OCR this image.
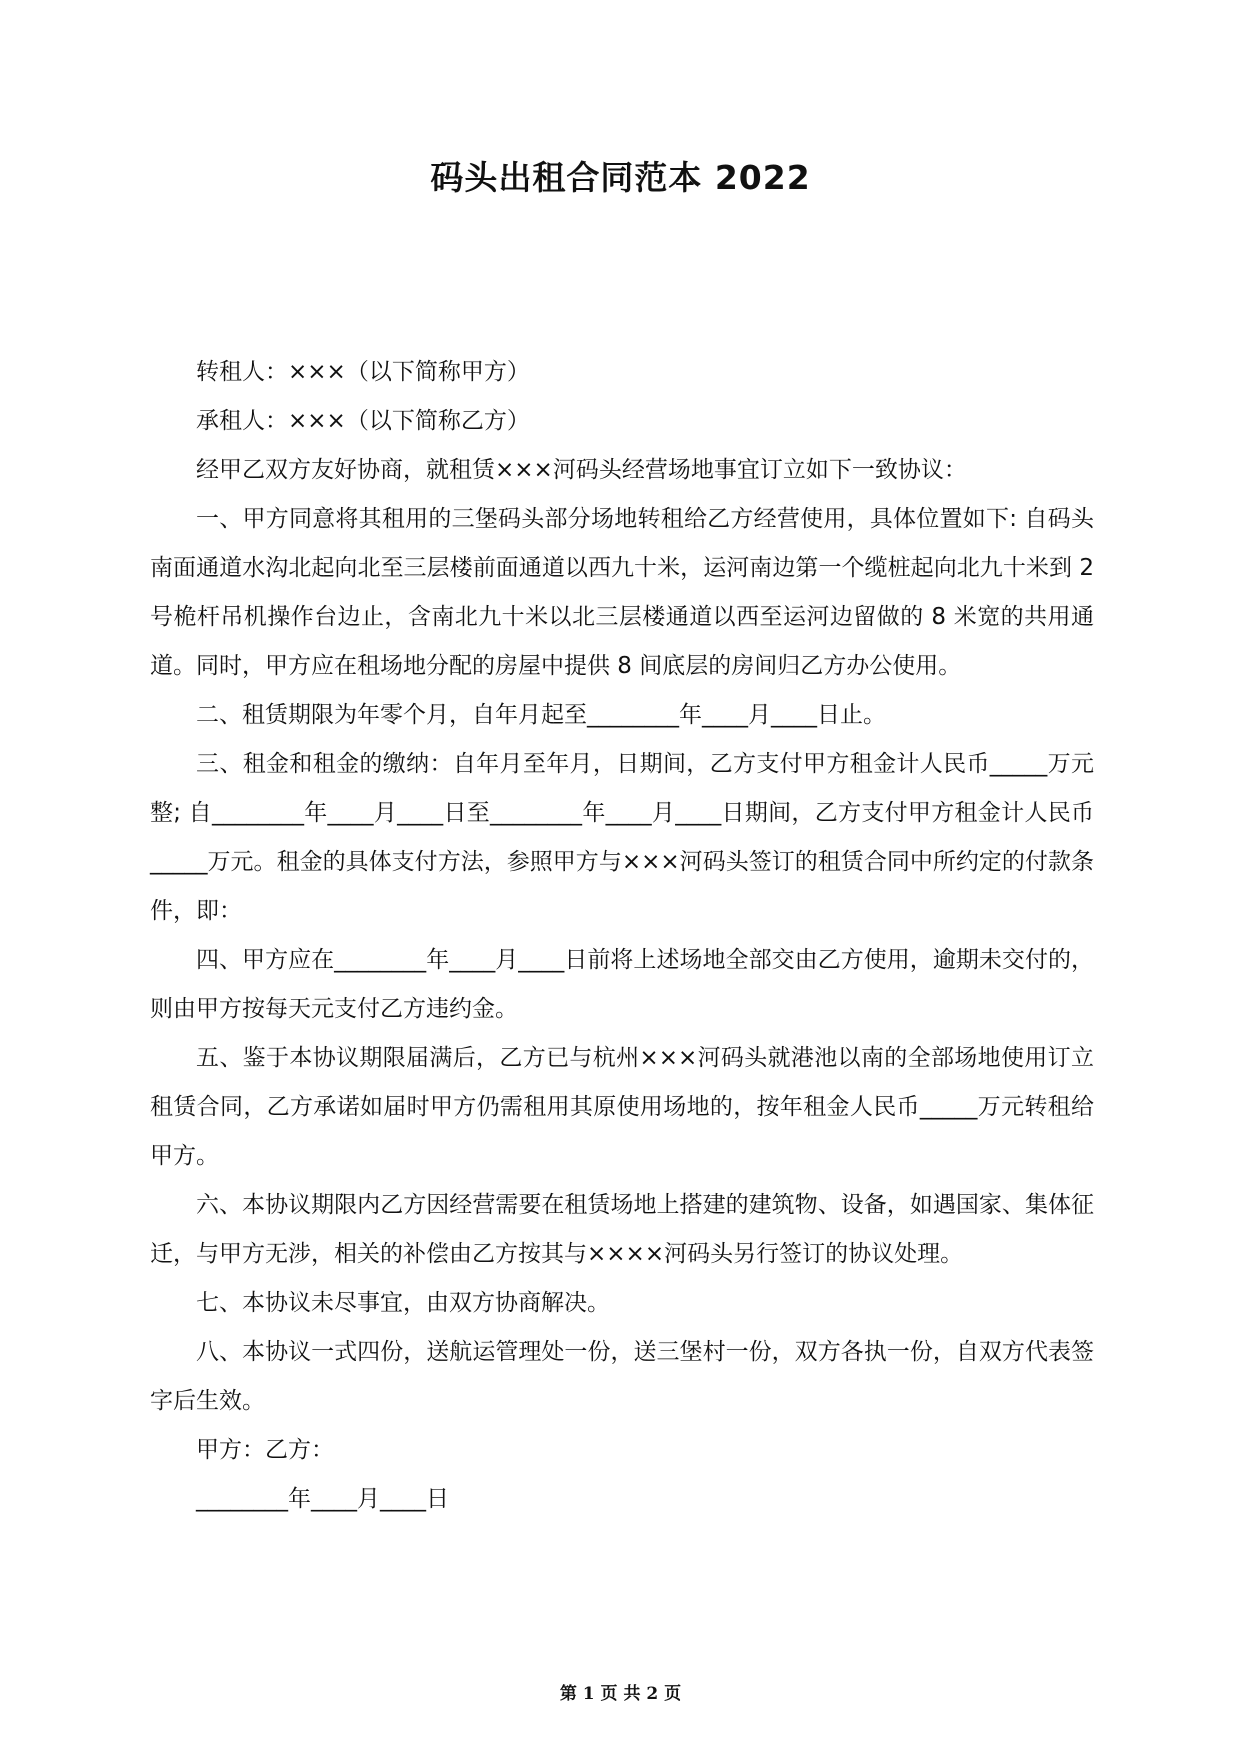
码头出租合同范本 2022

转租人：×××（以下简称甲方）

承租人：×××（以下简称乙方）

经甲乙双方友好协商，就租赁×××河码头经营场地事宜订立如下一致协议：

一、甲方同意将其租用的三堡码头部分场地转租给乙方经营使用，具体位置如下: 自码头南面通道水沟北起向北至三层楼前面通道以西九十米，运河南边第一个缆桩起向北九十米到 2 号桅杆吊机操作台边止，含南北九十米以北三层楼通道以西至运河边留做的 8 米宽的共用通道。同时，甲方应在租场地分配的房屋中提供 8 间底层的房间归乙方办公使用。

二、租赁期限为年零个月，自年月起至________年____月____日止。

三、租金和租金的缴纳：自年月至年月，日期间，乙方支付甲方租金计人民币_____万元整; 自________年____月____日至________年____月____日期间，乙方支付甲方租金计人民币_____万元。租金的具体支付方法，参照甲方与×××河码头签订的租赁合同中所约定的付款条件，即：

四、甲方应在________年____月____日前将上述场地全部交由乙方使用，逾期未交付的，则由甲方按每天元支付乙方违约金。

五、鉴于本协议期限届满后，乙方已与杭州×××河码头就港池以南的全部场地使用订立租赁合同，乙方承诺如届时甲方仍需租用其原使用场地的，按年租金人民币_____万元转租给甲方。

六、本协议期限内乙方因经营需要在租赁场地上搭建的建筑物、设备，如遇国家、集体征迁，与甲方无涉，相关的补偿由乙方按其与××××河码头另行签订的协议处理。

七、本协议未尽事宜，由双方协商解决。

八、本协议一式四份，送航运管理处一份，送三堡村一份，双方各执一份，自双方代表签字后生效。

甲方：乙方：

________年____月____日

第 1 页 共 2 页
